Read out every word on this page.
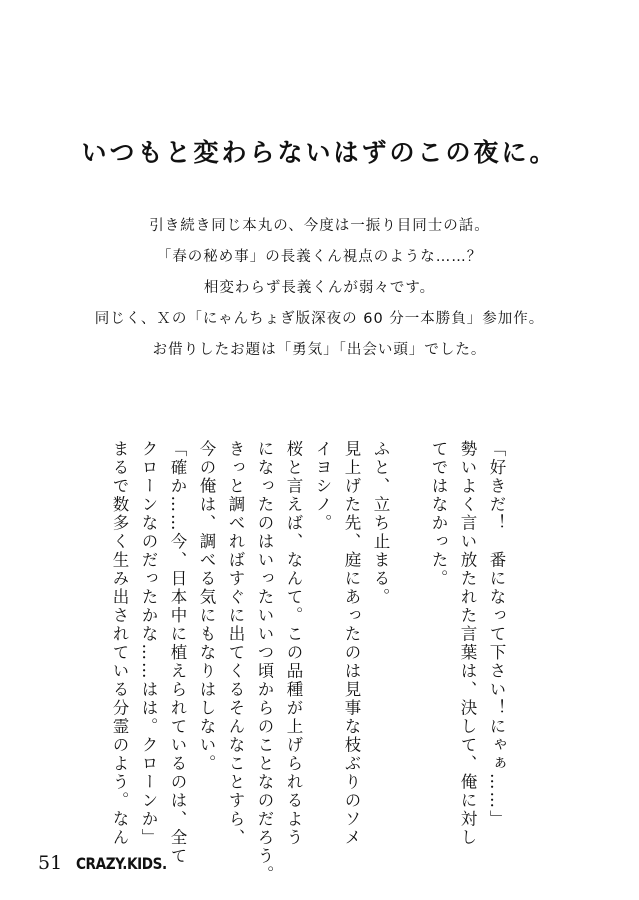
いつもと変わらないはずのこの夜に。

引き続き同じ本丸の、今度は一振り目同士の話。

「春の秘め事」の長義くん視点のような……？

相変わらず長義くんが弱々です。

同じく、Ｘの「にゃんちょぎ版深夜の 60 分一本勝負」参加作。

お借りしたお題は「勇気」「出会い頭」でした。

「好きだ！　番になって下さい！にゃぁ……」

勢いよく言い放たれた言葉は、決して、俺に対し

てではなかった。

ふと、立ち止まる。

見上げた先、庭にあったのは見事な枝ぶりのソメ

イヨシノ。

桜と言えば、なんて。この品種が上げられるよう

になったのはいったいいつ頃からのことなのだろう。

きっと調べればすぐに出てくるそんなことすら、

今の俺は、調べる気にもなりはしない。

「確か……今、日本中に植えられているのは、全て

クローンなのだったかな……はは。クローンか」

まるで数多く生み出されている分霊のよう。なん

51 CRAZY.KIDS.
